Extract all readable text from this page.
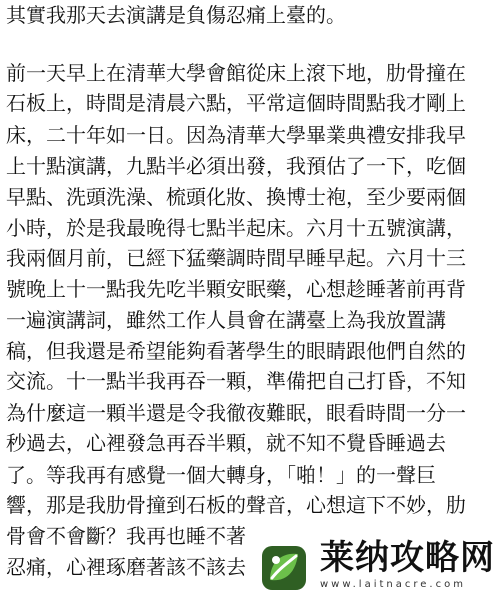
其實我那天去演講是負傷忍痛上臺的。
前一天早上在清華大學會館從床上滾下地，肋骨撞在
石板上，時間是清晨六點，平常這個時間點我才剛上
床，二十年如一日。因為清華大學畢業典禮安排我早
上十點演講，九點半必須出發，我預估了一下，吃個
早點、洗頭洗澡、梳頭化妝、換博士袍，至少要兩個
小時，於是我最晚得七點半起床。六月十五號演講，
我兩個月前，已經下猛藥調時間早睡早起。六月十三
號晚上十一點我先吃半顆安眠藥，心想趁睡著前再背
一遍演講詞，雖然工作人員會在講臺上為我放置講
稿，但我還是希望能夠看著學生的眼睛跟他們自然的
交流。十一點半我再吞一顆，準備把自己打昏，不知
為什麼這一顆半還是令我徹夜難眠，眼看時間一分一
秒過去，心裡發急再吞半顆，就不知不覺昏睡過去
了。等我再有感覺一個大轉身，「啪！」的一聲巨
響，那是我肋骨撞到石板的聲音，心想這下不妙，肋
骨會不會斷？我再也睡不著
忍痛，心裡琢磨著該不該去	莱纳攻略网
www.laitnacre.com
